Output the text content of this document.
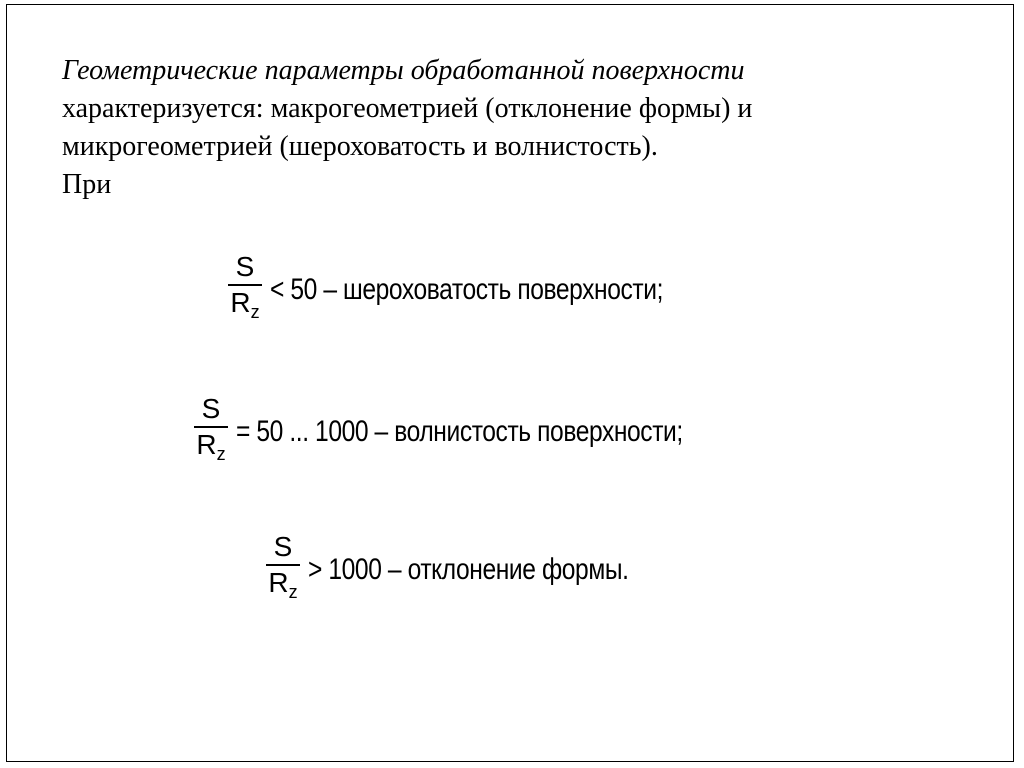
Геометрические параметры обработанной поверхности
характеризуется: макрогеометрией (отклонение формы) и
микрогеометрией (шероховатость и волнистость).
При
$\frac{S}{R_z} < 50$ – шероховатость поверхности;
$\frac{S}{R_z} = 50$ ... 1000 – волнистость поверхности;
$\frac{S}{R_z} > 1000$ – отклонение формы.
